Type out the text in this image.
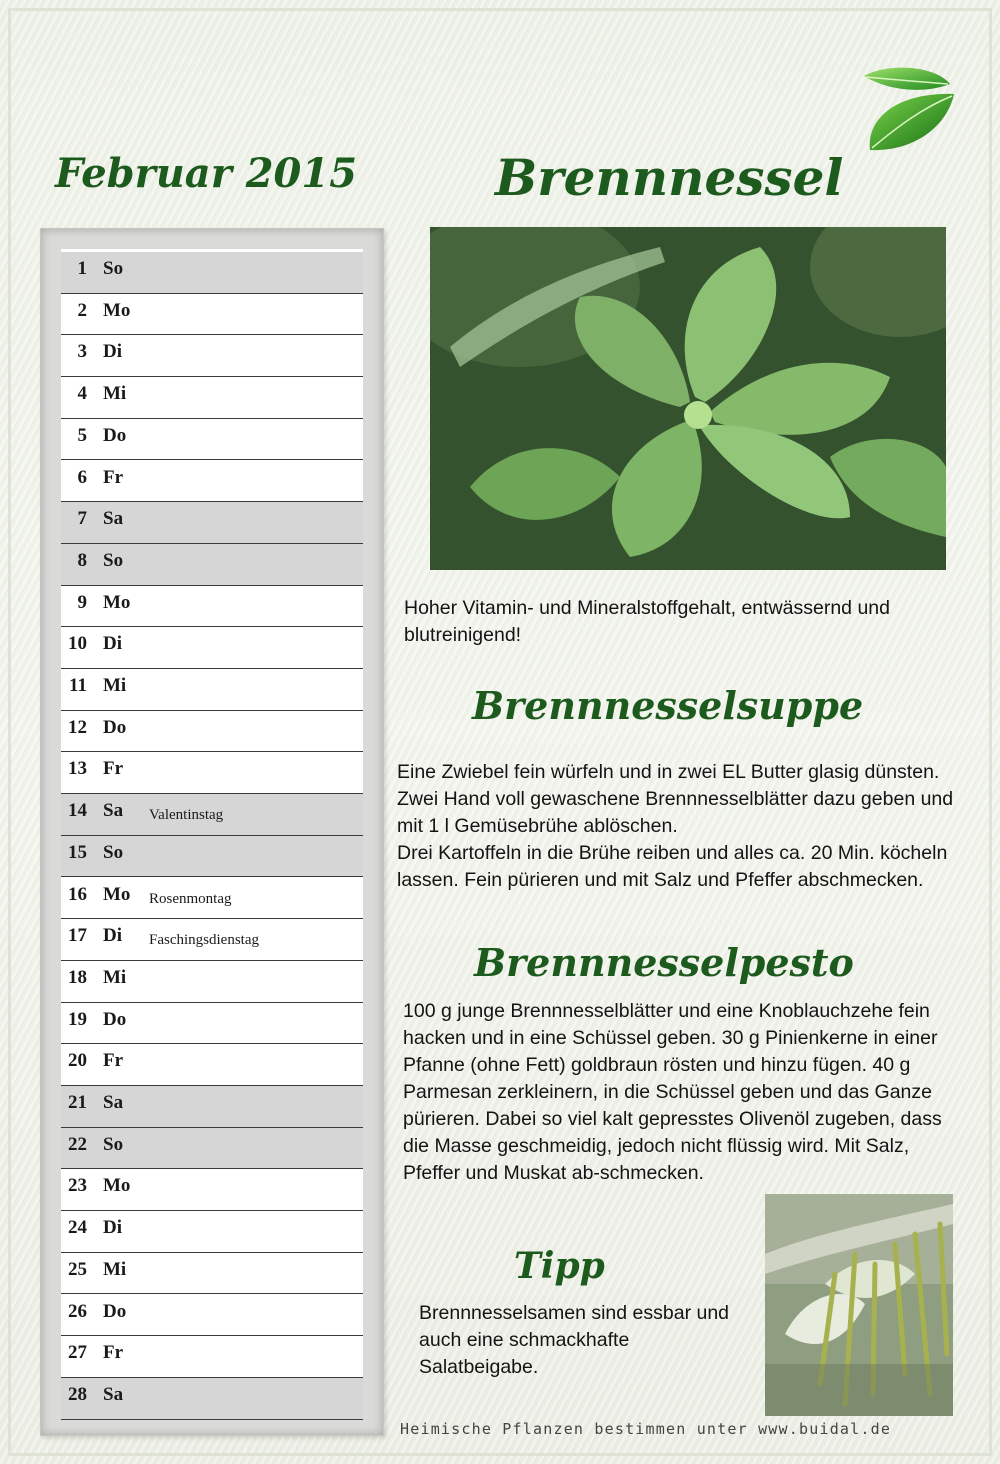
Februar 2015	Brennnessel
1 So
2 Mo
3 Di
4 Mi
5 Do
6 Fr
7 Sa
8 So
9 Mo
10 Di
11 Mi
12 Do
13 Fr
14 Sa Valentinstag
15 So
16 Mo Rosenmontag
17 Di Faschingsdienstag
18 Mi
19 Do
20 Fr
21 Sa
22 So
23 Mo
24 Di
25 Mi
26 Do
27 Fr
28 Sa
Hoher Vitamin- und Mineralstoffgehalt, entwässernd und blutreinigend!
Brennnesselsuppe

Eine Zwiebel fein würfeln und in zwei EL Butter glasig dünsten. Zwei Hand voll gewaschene Brennnesselblätter dazu geben und mit 1 l Gemüsebrühe ablöschen.

Drei Kartoffeln in die Brühe reiben und alles ca. 20 Min. köcheln lassen. Fein pürieren und mit Salz und Pfeffer abschmecken.

Brennnesselpesto
100 g junge Brennnesselblätter und eine Knoblauchzehe fein hacken und in eine Schüssel geben. 30 g Pinienkerne in einer Pfanne (ohne Fett) goldbraun rösten und hinzu fügen. 40 g Parmesan zerkleinern, in die Schüssel geben und das Ganze pürieren. Dabei so viel kalt gepresstes Olivenöl zugeben, dass die Masse geschmeidig, jedoch nicht flüssig wird. Mit Salz, Pfeffer und Muskat ab-schmecken.
Tipp
Brennnesselsamen sind essbar und auch eine schmackhafte Salatbeigabe.
Heimische Pflanzen bestimmen unter www.buidal.de
